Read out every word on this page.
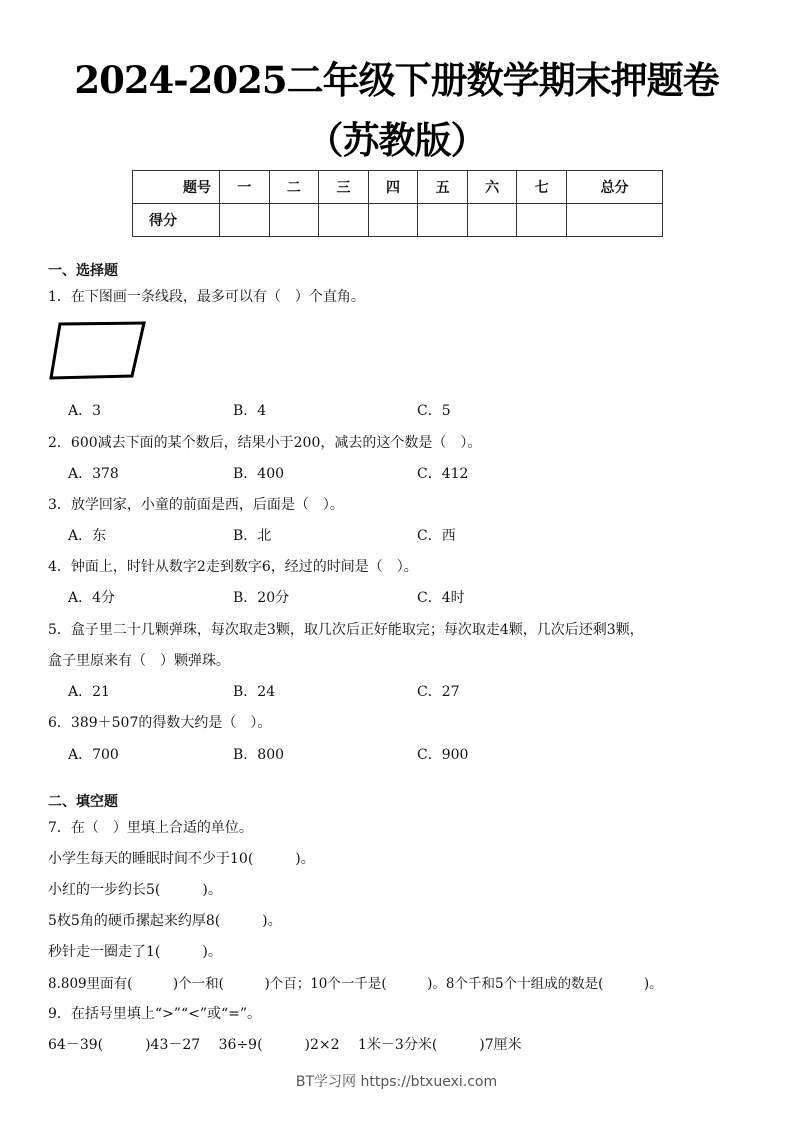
2024-2025二年级下册数学期末押题卷
（苏教版）
题号	一	二	三	四	五	六	七	总分
得分								
一、选择题
1．在下图画一条线段，最多可以有（　）个直角。
A．3	B．4	C．5
2．600减去下面的某个数后，结果小于200，减去的这个数是（　）。
A．378	B．400	C．412
3．放学回家，小童的前面是西，后面是（　）。
A．东	B．北	C．西
4．钟面上，时针从数字2走到数字6，经过的时间是（　）。
A．4分	B．20分	C．4时
5．盒子里二十几颗弹珠，每次取走3颗，取几次后正好能取完；每次取走4颗，几次后还剩3颗，
盒子里原来有（　）颗弹珠。
A．21	B．24	C．27
6．389＋507的得数大约是（　）。
A．700	B．800	C．900
二、填空题
7．在（　）里填上合适的单位。
小学生每天的睡眠时间不少于10(　　　)。
小红的一步约长5(　　　)。
5枚5角的硬币摞起来约厚8(　　　)。
秒针走一圈走了1(　　　)。
8.809里面有(　　　)个一和(　　　)个百；10个一千是(　　　)。8个千和5个十组成的数是(　　　)。
9．在括号里填上“>”“<”或“=”。
64－39(　　　)43－27　 36÷9(　　　)2×2　 1米－3分米(　　　)7厘米
BT学习网 https://btxuexi.com
